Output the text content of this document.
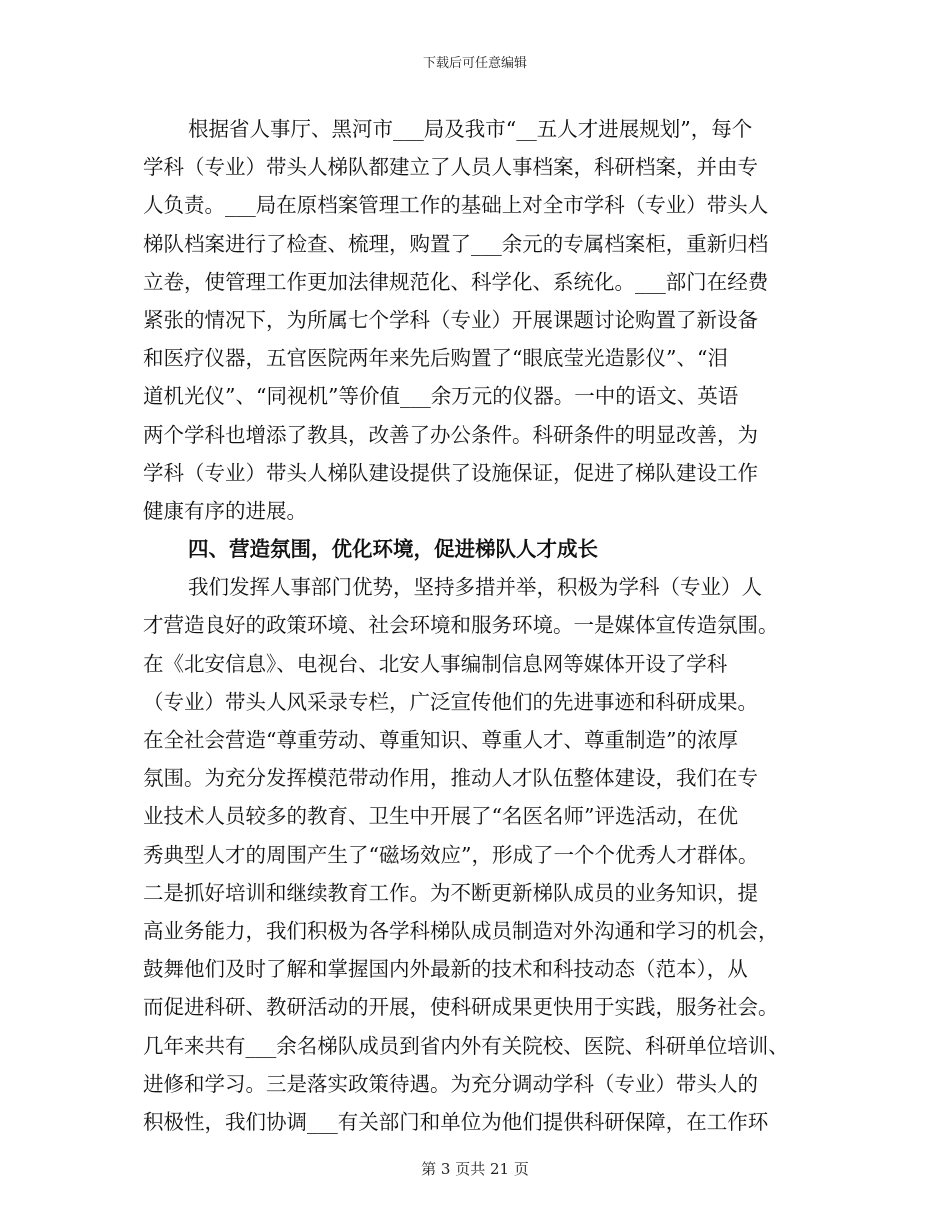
下载后可任意编辑
根据省人事厅、黑河市___局及我市“__五人才进展规划”，每个
学科（专业）带头人梯队都建立了人员人事档案，科研档案，并由专
人负责。___局在原档案管理工作的基础上对全市学科（专业）带头人
梯队档案进行了检查、梳理，购置了___余元的专属档案柜，重新归档
立卷，使管理工作更加法律规范化、科学化、系统化。___部门在经费
紧张的情况下，为所属七个学科（专业）开展课题讨论购置了新设备
和医疗仪器，五官医院两年来先后购置了“眼底莹光造影仪”、“泪
道机光仪”、“同视机”等价值___余万元的仪器。一中的语文、英语
两个学科也增添了教具，改善了办公条件。科研条件的明显改善，为
学科（专业）带头人梯队建设提供了设施保证，促进了梯队建设工作
健康有序的进展。
四、营造氛围，优化环境，促进梯队人才成长
我们发挥人事部门优势，坚持多措并举，积极为学科（专业）人
才营造良好的政策环境、社会环境和服务环境。一是媒体宣传造氛围。
在《北安信息》、电视台、北安人事编制信息网等媒体开设了学科
（专业）带头人风采录专栏，广泛宣传他们的先进事迹和科研成果。
在全社会营造“尊重劳动、尊重知识、尊重人才、尊重制造”的浓厚
氛围。为充分发挥模范带动作用，推动人才队伍整体建设，我们在专
业技术人员较多的教育、卫生中开展了“名医名师”评选活动，在优
秀典型人才的周围产生了“磁场效应”，形成了一个个优秀人才群体。
二是抓好培训和继续教育工作。为不断更新梯队成员的业务知识，提
高业务能力，我们积极为各学科梯队成员制造对外沟通和学习的机会，
鼓舞他们及时了解和掌握国内外最新的技术和科技动态（范本），从
而促进科研、教研活动的开展，使科研成果更快用于实践，服务社会。
几年来共有___余名梯队成员到省内外有关院校、医院、科研单位培训、
进修和学习。三是落实政策待遇。为充分调动学科（专业）带头人的
积极性，我们协调___有关部门和单位为他们提供科研保障，在工作环
第 3 页共 21 页
